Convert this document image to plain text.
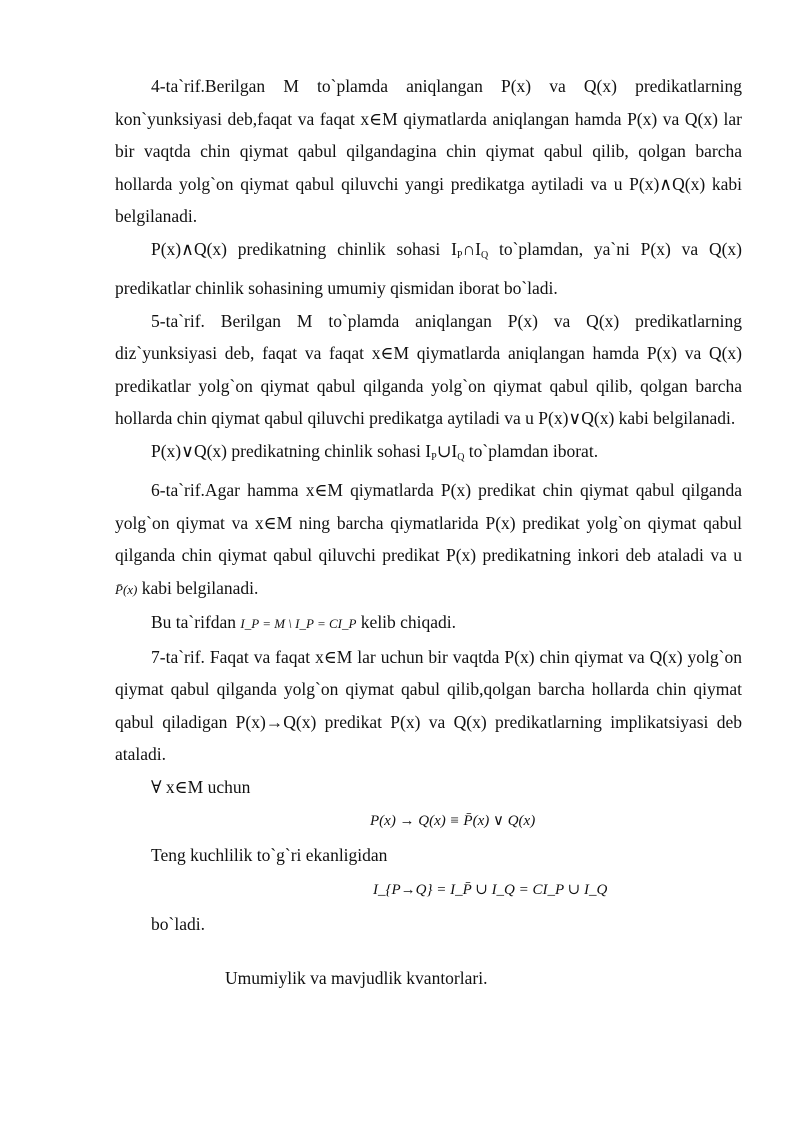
4-ta`rif.Berilgan M to`plamda aniqlangan P(x) va Q(x) predikatlarning kon`yunksiyasi deb,faqat va faqat x∈M qiymatlarda aniqlangan hamda P(x) va Q(x) lar bir vaqtda chin qiymat qabul qilgandagina chin qiymat qabul qilib, qolgan barcha hollarda yolg`on qiymat qabul qiluvchi yangi predikatga aytiladi va u P(x)∧Q(x) kabi belgilanadi.

P(x)∧Q(x) predikatning chinlik sohasi $I_P\cap I_Q$ to`plamdan, ya`ni P(x) va Q(x) predikatlar chinlik sohasining umumiy qismidan iborat bo`ladi.

5-ta`rif. Berilgan M to`plamda aniqlangan P(x) va Q(x) predikatlarning diz`yunksiyasi deb, faqat va faqat x∈M qiymatlarda aniqlangan hamda P(x) va Q(x) predikatlar yolg`on qiymat qabul qilganda yolg`on qiymat qabul qilib, qolgan barcha hollarda chin qiymat qabul qiluvchi predikatga aytiladi va u P(x)∨Q(x) kabi belgilanadi.

P(x)∨Q(x) predikatning chinlik sohasi $I_P\cup I_Q$ to`plamdan iborat.

6-ta`rif.Agar hamma x∈M qiymatlarda P(x) predikat chin qiymat qabul qilganda yolg`on qiymat va x∈M ning barcha qiymatlarida P(x) predikat yolg`on qiymat qabul qilganda chin qiymat qabul qiluvchi predikat P(x) predikatning inkori deb ataladi va u P̄(x) kabi belgilanadi.

Bu ta`rifdan I_P = M \ I_P = CI_P kelib chiqadi.

7-ta`rif. Faqat va faqat x∈M lar uchun bir vaqtda P(x) chin qiymat va Q(x) yolg`on qiymat qabul qilganda yolg`on qiymat qabul qilib,qolgan barcha hollarda chin qiymat qabul qiladigan P(x)→Q(x) predikat P(x) va Q(x) predikatlarning implikatsiyasi deb ataladi.

∀ x∈M uchun

P(x) → Q(x) ≡ P̄(x) ∨ Q(x)

Teng kuchlilik to`g`ri ekanligidan

I_{P→Q} = I_P̄ ∪ I_Q = CI_P ∪ I_Q

bo`ladi.

Umumiylik va mavjudlik kvantorlari.
